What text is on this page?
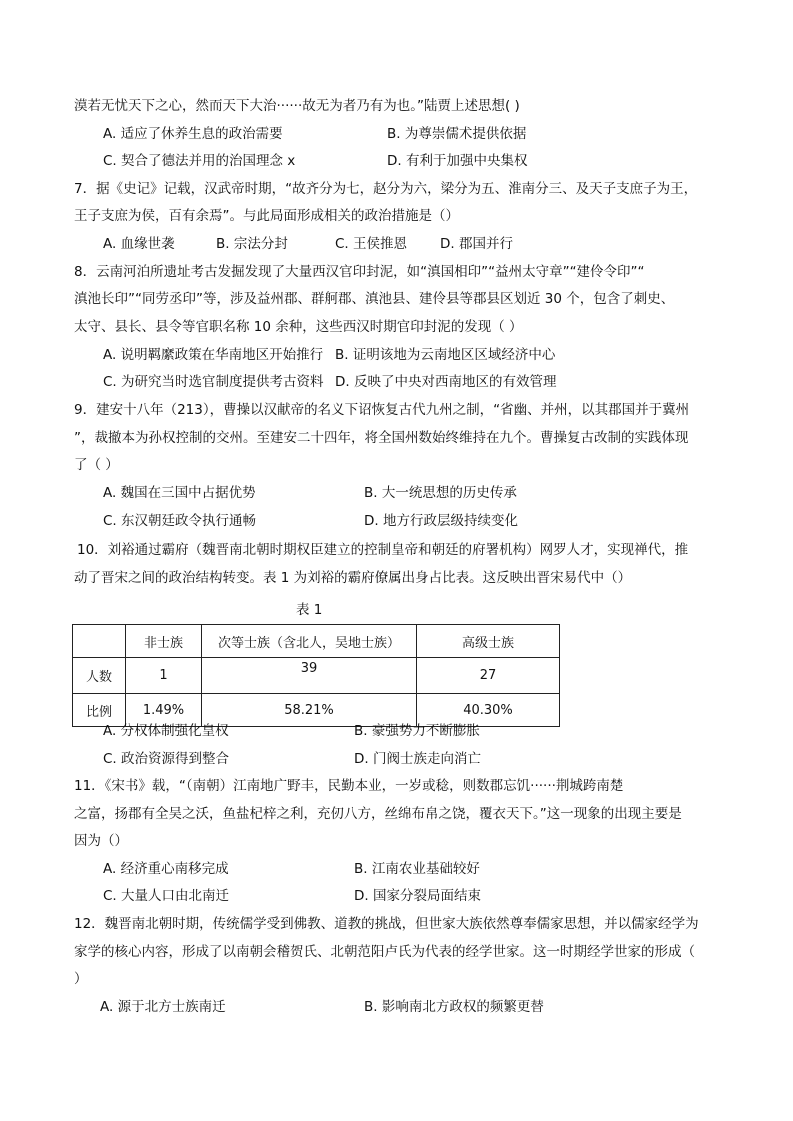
漠若无忧天下之心，然而天下大治······故无为者乃有为也。”陆贾上述思想( )
A. 适应了休养生息的政治需要	B. 为尊崇儒术提供依据
C. 契合了德法并用的治国理念 x	D. 有利于加强中央集权
7．据《史记》记载，汉武帝时期，“故齐分为七，赵分为六，梁分为五、淮南分三、及天子支庶子为王，
王子支庶为侯，百有余焉”。与此局面形成相关的政治措施是（）
A. 血缘世袭	B. 宗法分封	C. 王侯推恩 D. 郡国并行
8．云南河泊所遗址考古发掘发现了大量西汉官印封泥，如“滇国相印”“益州太守章”“建伶令印”“
滇池长印”“同劳丞印”等，涉及益州郡、群舸郡、滇池县、建伶县等郡县区划近 30 个，包含了刺史、
太守、县长、县令等官职名称 10 余种，这些西汉时期官印封泥的发现（ ）
A. 说明羁縻政策在华南地区开始推行 B. 证明该地为云南地区区域经济中心
C. 为研究当时选官制度提供考古资料 D. 反映了中央对西南地区的有效管理
9．建安十八年（213），曹操以汉献帝的名义下诏恢复古代九州之制，“省幽、并州，以其郡国并于冀州
”，裁撤本为孙权控制的交州。至建安二十四年，将全国州数始终维持在九个。曹操复古改制的实践体现
了（ ）
A. 魏国在三国中占据优势	B. 大一统思想的历史传承
C. 东汉朝廷政令执行通畅	D. 地方行政层级持续变化
10．刘裕通过霸府（魏晋南北朝时期权臣建立的控制皇帝和朝廷的府署机构）网罗人才，实现禅代，推
动了晋宋之间的政治结构转变。表 1 为刘裕的霸府僚属出身占比表。这反映出晋宋易代中（）
表 1
	非士族	次等士族（含北人，吴地士族）	高级士族
人数	1	39	27
比例	1.49%	58.21%	40.30%
A. 分权体制强化皇权	B. 豪强势力不断膨胀
C. 政治资源得到整合	D. 门阀士族走向消亡
11．《宋书》载，“（南朝）江南地广野丰，民勤本业，一岁或稔，则数郡忘饥······荆城跨南楚
之富，扬郡有全吴之沃，鱼盐杞梓之利，充仞八方，丝绵布帛之饶，覆衣天下。”这一现象的出现主要是
因为（）
A. 经济重心南移完成	B. 江南农业基础较好
C. 大量人口由北南迁	D. 国家分裂局面结束
12．魏晋南北朝时期，传统儒学受到佛教、道教的挑战，但世家大族依然尊奉儒家思想，并以儒家经学为
家学的核心内容，形成了以南朝会稽贺氏、北朝范阳卢氏为代表的经学世家。这一时期经学世家的形成（
）
A. 源于北方士族南迁	B. 影响南北方政权的频繁更替
